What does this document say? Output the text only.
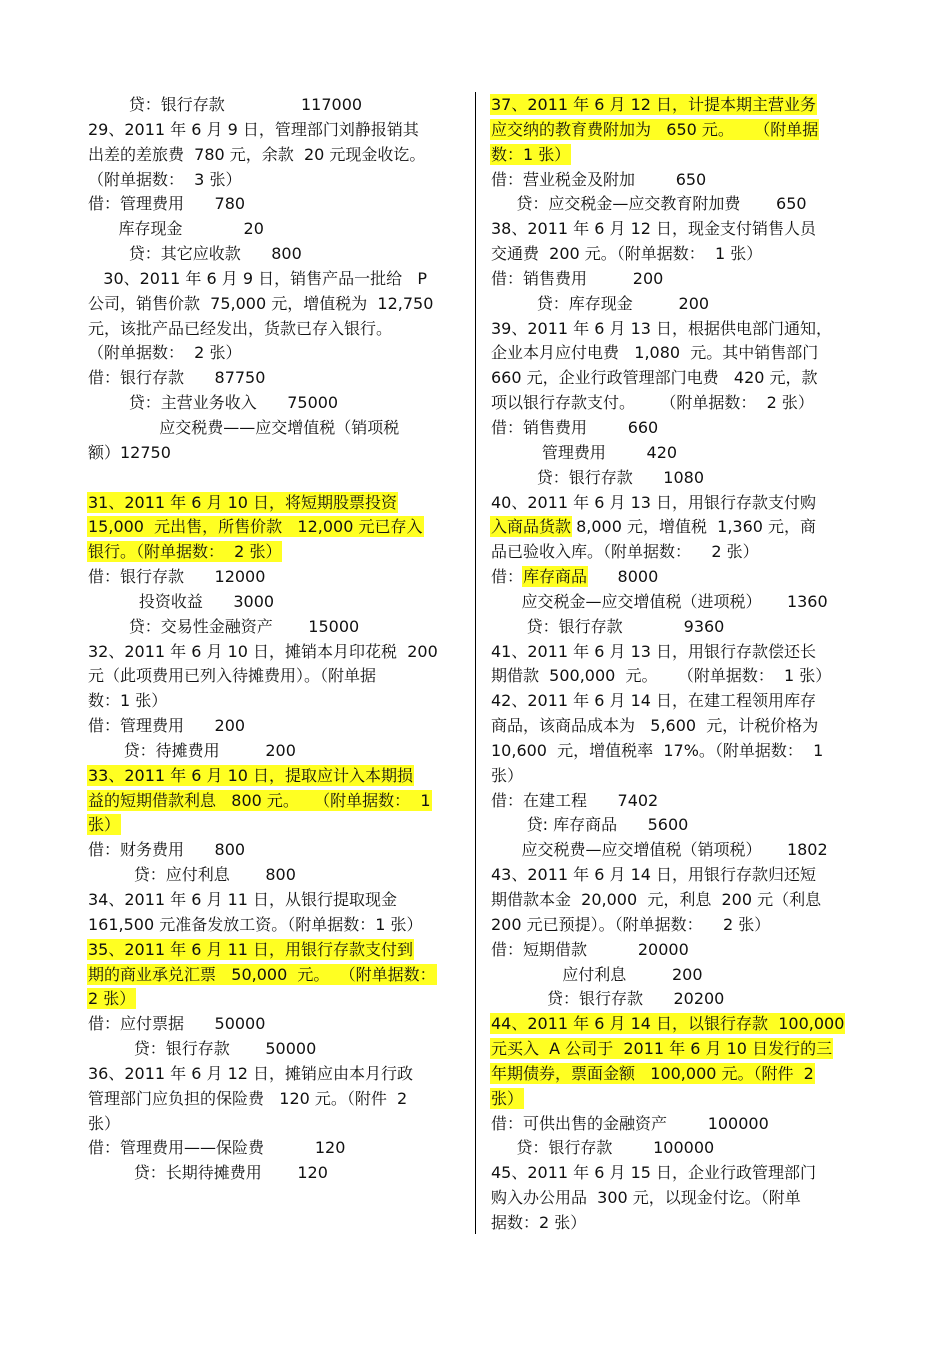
贷：银行存款               117000
29、2011 年 6 月 9 日，管理部门刘静报销其
出差的差旅费  780 元，余款  20 元现金收讫。
（附单据数：  3 张）
借：管理费用      780
库存现金            20
贷：其它应收款      800
30、2011 年 6 月 9 日，销售产品一批给   P
公司，销售价款  75,000 元，增值税为  12,750
元，该批产品已经发出，货款已存入银行。
（附单据数：  2 张）
借：银行存款      87750
贷：主营业务收入      75000
应交税费——应交增值税（销项税
额）12750
31、2011 年 6 月 10 日，将短期股票投资
15,000  元出售，所售价款   12,000 元已存入
银行。（附单据数：  2 张）
借：银行存款      12000
投资收益      3000
贷：交易性金融资产       15000
32、2011 年 6 月 10 日，摊销本月印花税  200
元（此项费用已列入待摊费用）。（附单据
数：1 张）
借：管理费用      200
贷：待摊费用         200
33、2011 年 6 月 10 日，提取应计入本期损
益的短期借款利息   800 元。   （附单据数：  1
张）
借：财务费用      800
贷：应付利息       800
34、2011 年 6 月 11 日，从银行提取现金
161,500 元准备发放工资。（附单据数：1 张）
35、2011 年 6 月 11 日，用银行存款支付到
期的商业承兑汇票   50,000  元。  （附单据数：
2 张）
借：应付票据      50000
贷：银行存款       50000
36、2011 年 6 月 12 日，摊销应由本月行政
管理部门应负担的保险费   120 元。（附件  2
张）
借：管理费用——保险费          120
贷：长期待摊费用       120
37、2011 年 6 月 12 日，计提本期主营业务
应交纳的教育费附加为   650 元。    （附单据
数：1 张）
借：营业税金及附加        650
贷：应交税金—应交教育附加费       650
38、2011 年 6 月 12 日，现金支付销售人员
交通费  200 元。（附单据数：  1 张）
借：销售费用         200
贷：库存现金         200
39、2011 年 6 月 13 日，根据供电部门通知，
企业本月应付电费   1,080  元。其中销售部门
660 元，企业行政管理部门电费   420 元，款
项以银行存款支付。     （附单据数：  2 张）
借：销售费用        660
管理费用        420
贷：银行存款      1080
40、2011 年 6 月 13 日，用银行存款支付购
入商品货款 8,000 元，增值税  1,360 元，商
品已验收入库。（附单据数：    2 张）
借：库存商品      8000
应交税金—应交增值税（进项税）     1360
贷：银行存款            9360
41、2011 年 6 月 13 日，用银行存款偿还长
期借款  500,000  元。    （附单据数：  1 张）
42、2011 年 6 月 14 日，在建工程领用库存
商品，该商品成本为   5,600  元，计税价格为
10,600  元，增值税率  17%。（附单据数：  1
张）
借：在建工程      7402
贷: 库存商品      5600
应交税费—应交增值税（销项税）     1802
43、2011 年 6 月 14 日，用银行存款归还短
期借款本金  20,000  元，利息  200 元（利息
200 元已预提）。（附单据数：    2 张）
借：短期借款          20000
应付利息         200
贷：银行存款      20200
44、2011 年 6 月 14 日，以银行存款  100,000
元买入  A 公司于  2011 年 6 月 10 日发行的三
年期债券，票面金额   100,000 元。（附件  2
张）
借：可供出售的金融资产        100000
贷：银行存款        100000
45、2011 年 6 月 15 日，企业行政管理部门
购入办公用品  300 元，以现金付讫。（附单
据数：2 张）
